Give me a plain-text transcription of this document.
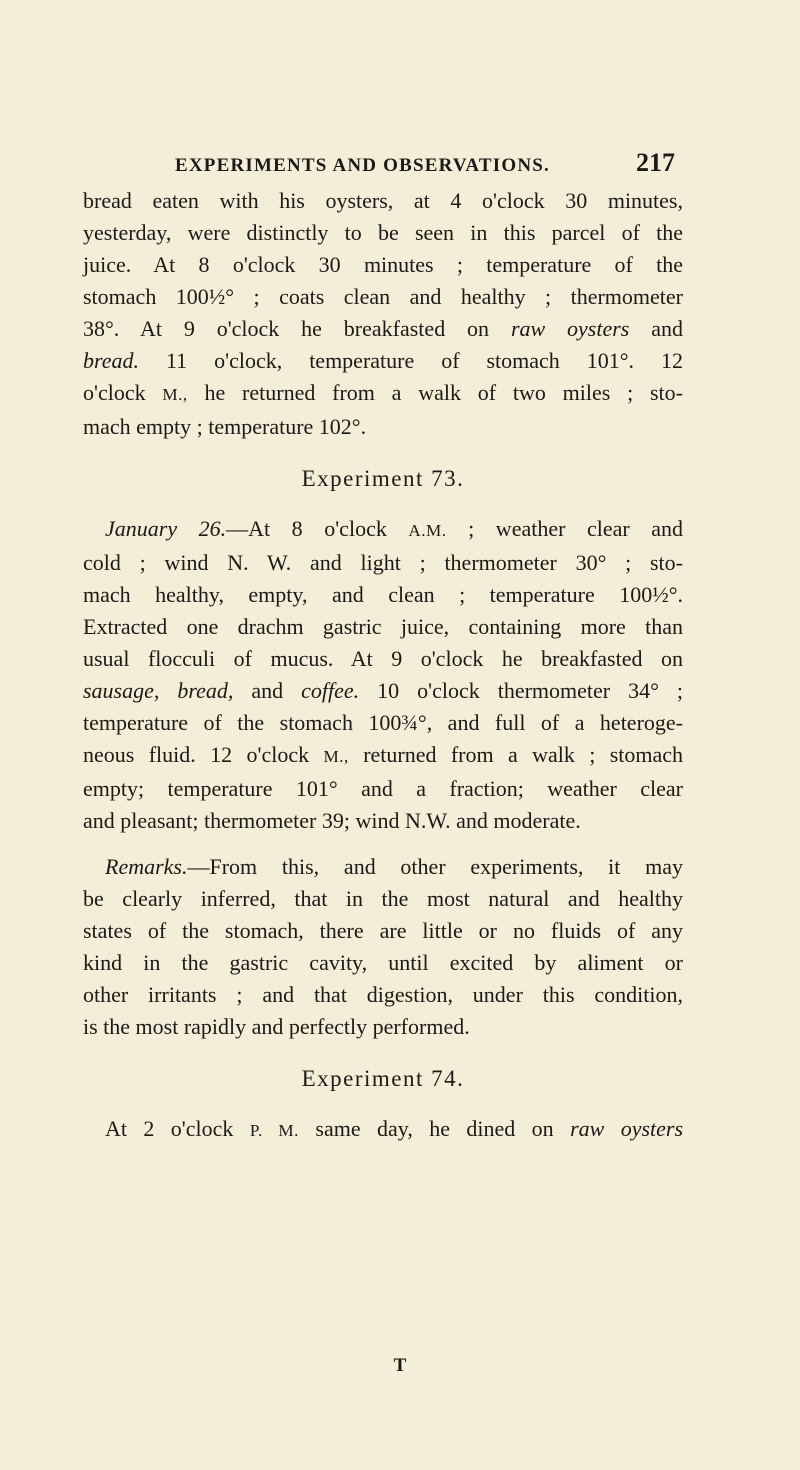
EXPERIMENTS AND OBSERVATIONS.	217
bread eaten with his oysters, at 4 o'clock 30 minutes,
yesterday, were distinctly to be seen in this parcel of the
juice. At 8 o'clock 30 minutes ; temperature of the
stomach 100½° ; coats clean and healthy ; thermometer
38°. At 9 o'clock he breakfasted on raw oysters and
bread. 11 o'clock, temperature of stomach 101°. 12
o'clock M., he returned from a walk of two miles ; sto-
mach empty ; temperature 102°.
Experiment 73.
 January 26.—At 8 o'clock A.M. ; weather clear and
cold ; wind N. W. and light ; thermometer 30° ; sto-
mach healthy, empty, and clean ; temperature 100½°.
Extracted one drachm gastric juice, containing more than
usual flocculi of mucus. At 9 o'clock he breakfasted on
sausage, bread, and coffee. 10 o'clock thermometer 34° ;
temperature of the stomach 100¾°, and full of a heteroge-
neous fluid. 12 o'clock M., returned from a walk ; stomach
empty; temperature 101° and a fraction; weather clear
and pleasant; thermometer 39; wind N.W. and moderate.
 Remarks.—From this, and other experiments, it may
be clearly inferred, that in the most natural and healthy
states of the stomach, there are little or no fluids of any
kind in the gastric cavity, until excited by aliment or
other irritants ; and that digestion, under this condition,
is the most rapidly and perfectly performed.
Experiment 74.
 At 2 o'clock P. M. same day, he dined on raw oysters
T
